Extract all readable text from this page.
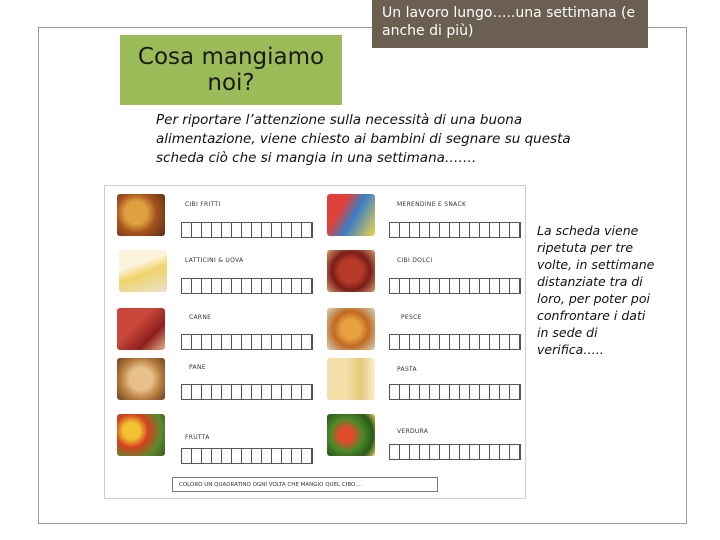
Cosa mangiamo noi?
Un lavoro lungo…..una settimana (e anche di più)
Per riportare l’attenzione sulla necessità di una buona alimentazione, viene chiesto ai bambini di segnare su questa scheda ciò che si mangia in una settimana…….
CIBI FRITTI
LATTICINI & UOVA
CARNE
PANE
FRUTTA
MERENDINE E SNACK
CIBI DOLCI
PESCE
PASTA
VERDURA
COLORO UN QUADRATINO OGNI VOLTA CHE MANGIO QUEL CIBO....
La scheda viene ripetuta per tre volte, in settimane distanziate tra di loro, per poter poi confrontare i dati in sede di verifica…..
